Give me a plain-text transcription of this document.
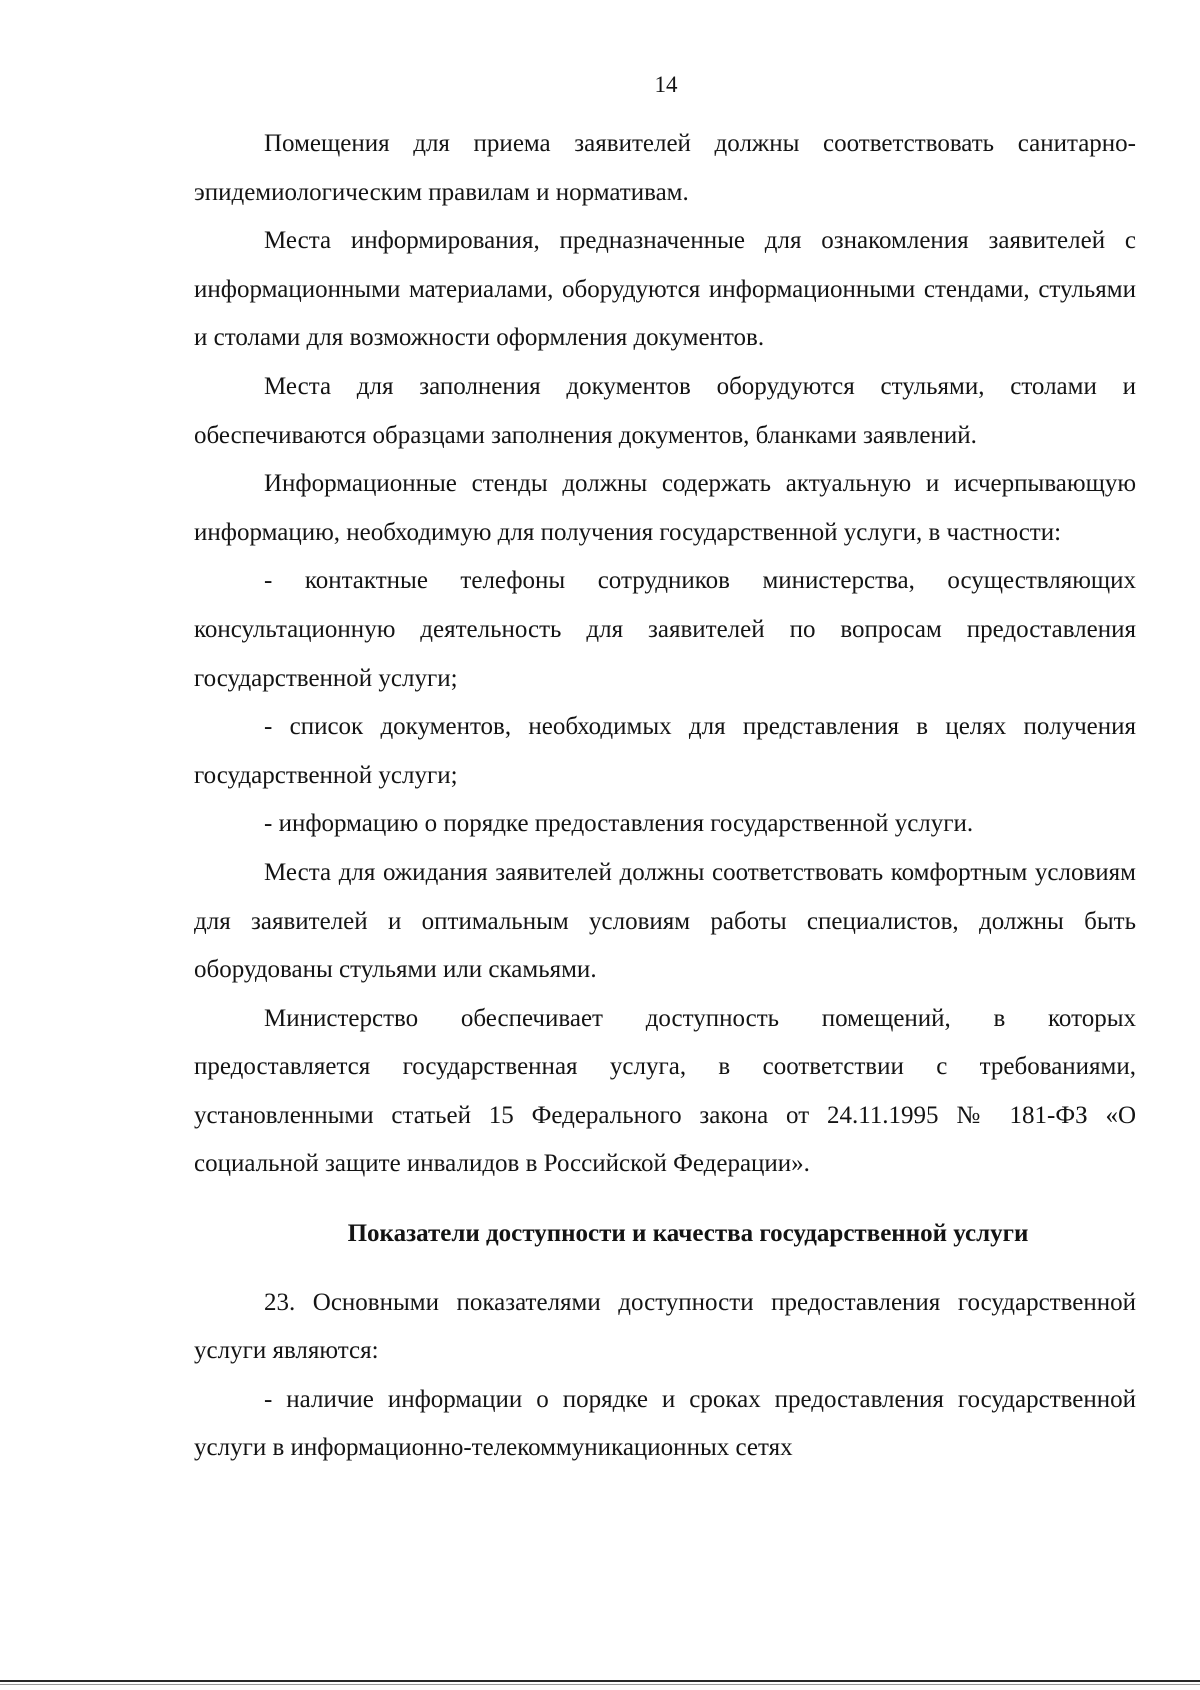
14

Помещения для приема заявителей должны соответствовать санитарно-эпидемиологическим правилам и нормативам.

Места информирования, предназначенные для ознакомления заявителей с информационными материалами, оборудуются информационными стендами, стульями и столами для возможности оформления документов.

Места для заполнения документов оборудуются стульями, столами и обеспечиваются образцами заполнения документов, бланками заявлений.

Информационные стенды должны содержать актуальную и исчерпывающую информацию, необходимую для получения государственной услуги, в частности:

- контактные телефоны сотрудников министерства, осуществляющих консультационную деятельность для заявителей по вопросам предоставления государственной услуги;

- список документов, необходимых для представления в целях получения государственной услуги;

- информацию о порядке предоставления государственной услуги.

Места для ожидания заявителей должны соответствовать комфортным условиям для заявителей и оптимальным условиям работы специалистов, должны быть оборудованы стульями или скамьями.

Министерство обеспечивает доступность помещений, в которых предоставляется государственная услуга, в соответствии с требованиями, установленными статьей 15 Федерального закона от 24.11.1995 № 181-ФЗ «О социальной защите инвалидов в Российской Федерации».

Показатели доступности и качества государственной услуги

23. Основными показателями доступности предоставления государственной услуги являются:

- наличие информации о порядке и сроках предоставления государственной услуги в информационно-телекоммуникационных сетях
